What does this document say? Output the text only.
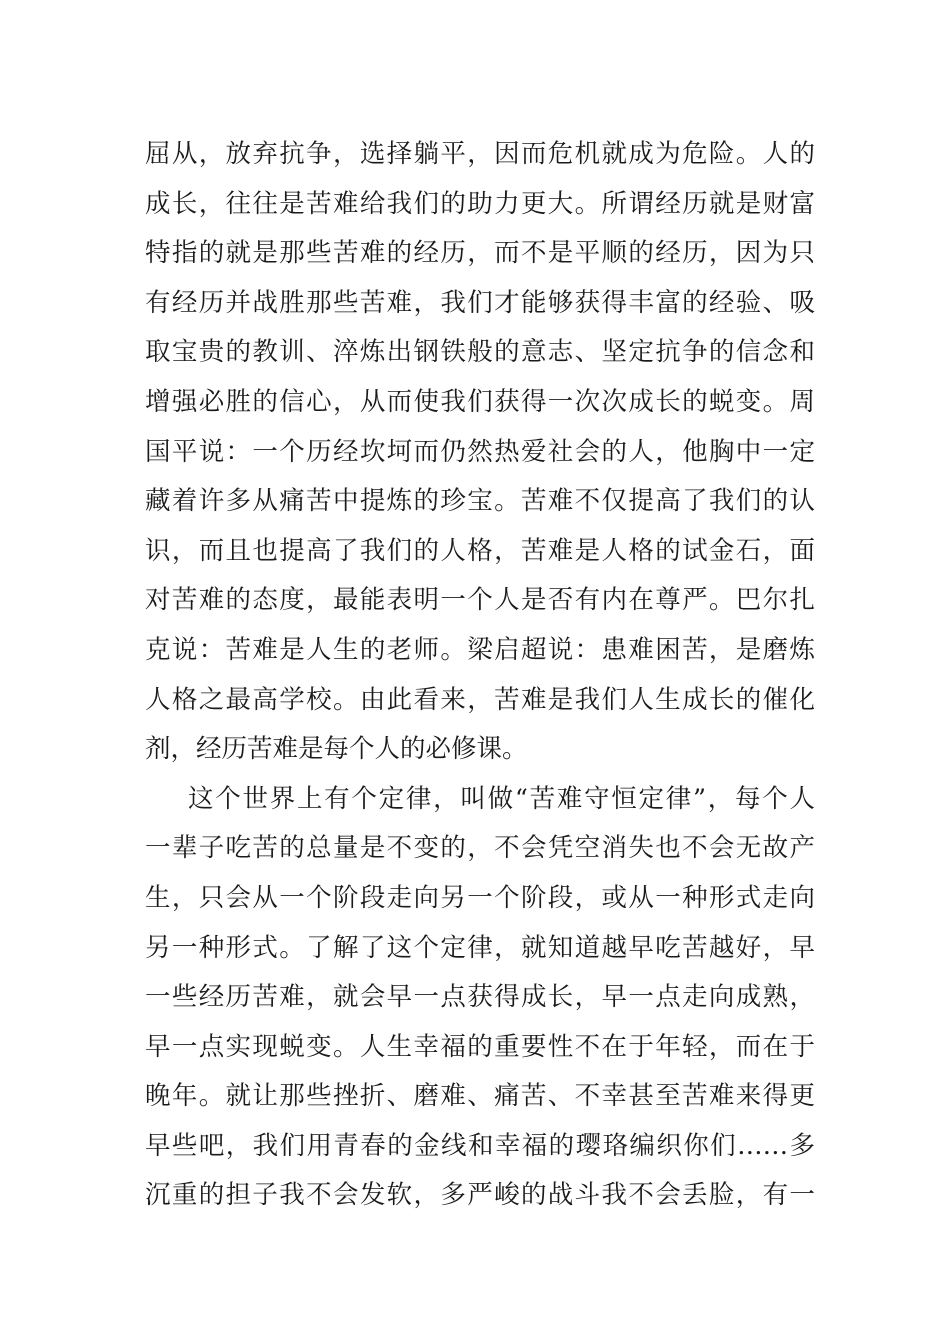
屈从，放弃抗争，选择躺平，因而危机就成为危险。人的
成长，往往是苦难给我们的助力更大。所谓经历就是财富
特指的就是那些苦难的经历，而不是平顺的经历，因为只
有经历并战胜那些苦难，我们才能够获得丰富的经验、吸
取宝贵的教训、淬炼出钢铁般的意志、坚定抗争的信念和
增强必胜的信心，从而使我们获得一次次成长的蜕变。周
国平说：一个历经坎坷而仍然热爱社会的人，他胸中一定
藏着许多从痛苦中提炼的珍宝。苦难不仅提高了我们的认
识，而且也提高了我们的人格，苦难是人格的试金石，面
对苦难的态度，最能表明一个人是否有内在尊严。巴尔扎
克说：苦难是人生的老师。梁启超说：患难困苦，是磨炼
人格之最高学校。由此看来，苦难是我们人生成长的催化
剂，经历苦难是每个人的必修课。
这个世界上有个定律，叫做“苦难守恒定律”，每个人
一辈子吃苦的总量是不变的，不会凭空消失也不会无故产
生，只会从一个阶段走向另一个阶段，或从一种形式走向
另一种形式。了解了这个定律，就知道越早吃苦越好，早
一些经历苦难，就会早一点获得成长，早一点走向成熟，
早一点实现蜕变。人生幸福的重要性不在于年轻，而在于
晚年。就让那些挫折、磨难、痛苦、不幸甚至苦难来得更
早些吧，我们用青春的金线和幸福的璎珞编织你们……多
沉重的担子我不会发软，多严峻的战斗我不会丢脸，有一
